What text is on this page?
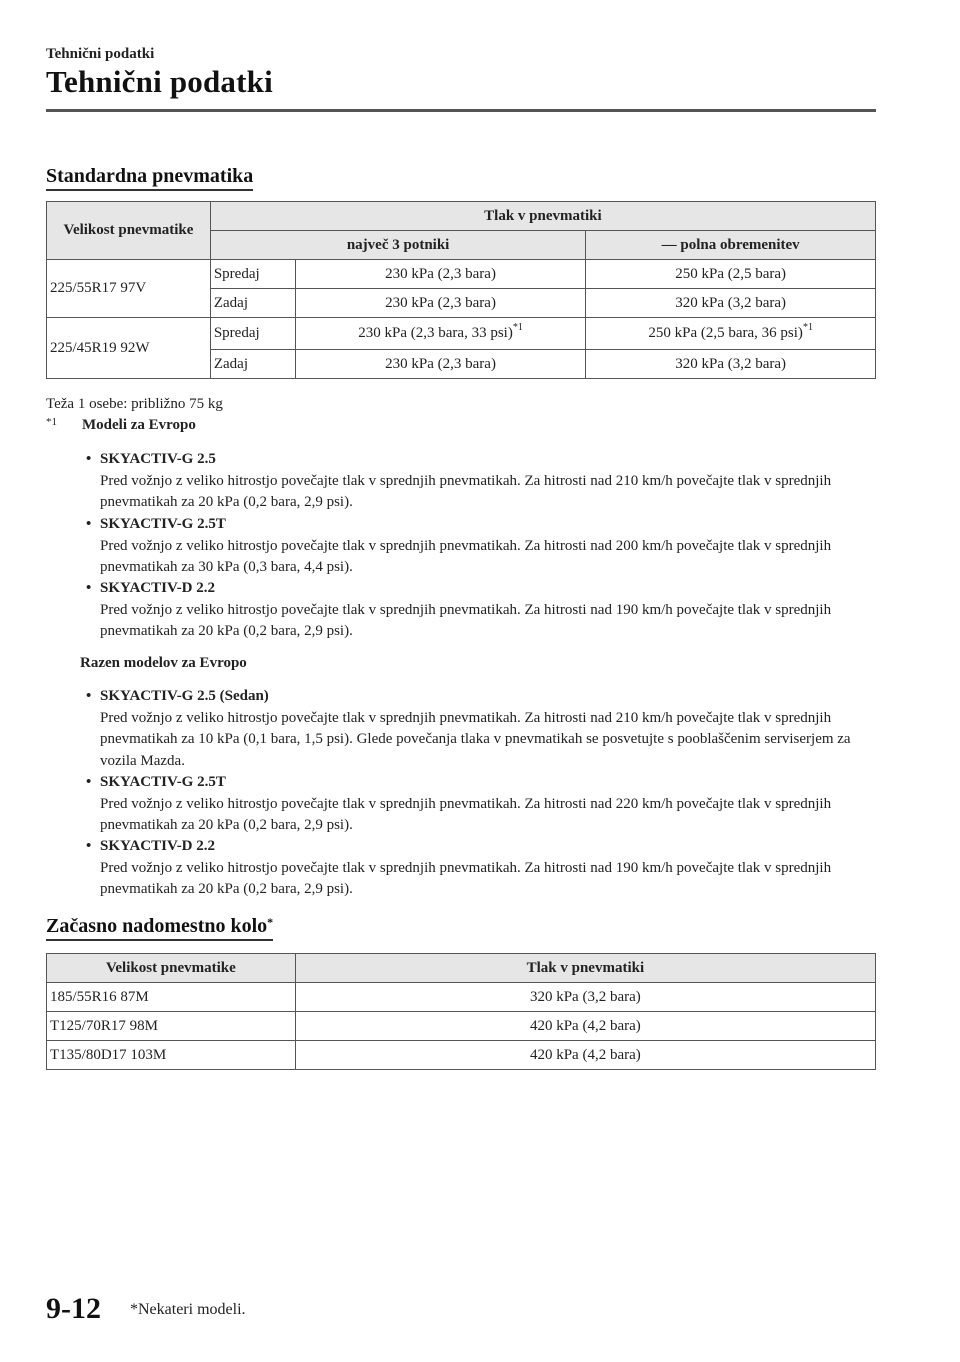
Tehnični podatki
Tehnični podatki
Standardna pnevmatika
Velikost pnevmatike	Tlak v pnevmatiki		
	največ 3 potniki		— polna obremenitev
225/55R17 97V	Spredaj	230 kPa (2,3 bara)	250 kPa (2,5 bara)
	Zadaj	230 kPa (2,3 bara)	320 kPa (3,2 bara)
225/45R19 92W	Spredaj	230 kPa (2,3 bara, 33 psi)$^{*1}$	250 kPa (2,5 bara, 36 psi)$^{*1}$
	Zadaj	230 kPa (2,3 bara)	320 kPa (3,2 bara)
Teža 1 osebe: približno 75 kg
$^{*1}$ Modeli za Evropo
• SKYACTIV-G 2.5
Pred vožnjo z veliko hitrostjo povečajte tlak v sprednjih pnevmatikah. Za hitrosti nad 210 km/h povečajte tlak v sprednjih pnevmatikah za 20 kPa (0,2 bara, 2,9 psi).
• SKYACTIV-G 2.5T
Pred vožnjo z veliko hitrostjo povečajte tlak v sprednjih pnevmatikah. Za hitrosti nad 200 km/h povečajte tlak v sprednjih pnevmatikah za 30 kPa (0,3 bara, 4,4 psi).
• SKYACTIV-D 2.2
Pred vožnjo z veliko hitrostjo povečajte tlak v sprednjih pnevmatikah. Za hitrosti nad 190 km/h povečajte tlak v sprednjih pnevmatikah za 20 kPa (0,2 bara, 2,9 psi).
Razen modelov za Evropo
• SKYACTIV-G 2.5 (Sedan)
Pred vožnjo z veliko hitrostjo povečajte tlak v sprednjih pnevmatikah. Za hitrosti nad 210 km/h povečajte tlak v sprednjih pnevmatikah za 10 kPa (0,1 bara, 1,5 psi). Glede povečanja tlaka v pnevmatikah se posvetujte s pooblaščenim serviserjem za vozila Mazda.
• SKYACTIV-G 2.5T
Pred vožnjo z veliko hitrostjo povečajte tlak v sprednjih pnevmatikah. Za hitrosti nad 220 km/h povečajte tlak v sprednjih pnevmatikah za 20 kPa (0,2 bara, 2,9 psi).
• SKYACTIV-D 2.2
Pred vožnjo z veliko hitrostjo povečajte tlak v sprednjih pnevmatikah. Za hitrosti nad 190 km/h povečajte tlak v sprednjih pnevmatikah za 20 kPa (0,2 bara, 2,9 psi).
Začasno nadomestno kolo*
Velikost pnevmatike	Tlak v pnevmatiki
185/55R16 87M	320 kPa (3,2 bara)
T125/70R17 98M	420 kPa (4,2 bara)
T135/80D17 103M	420 kPa (4,2 bara)
9-12 *Nekateri modeli.
